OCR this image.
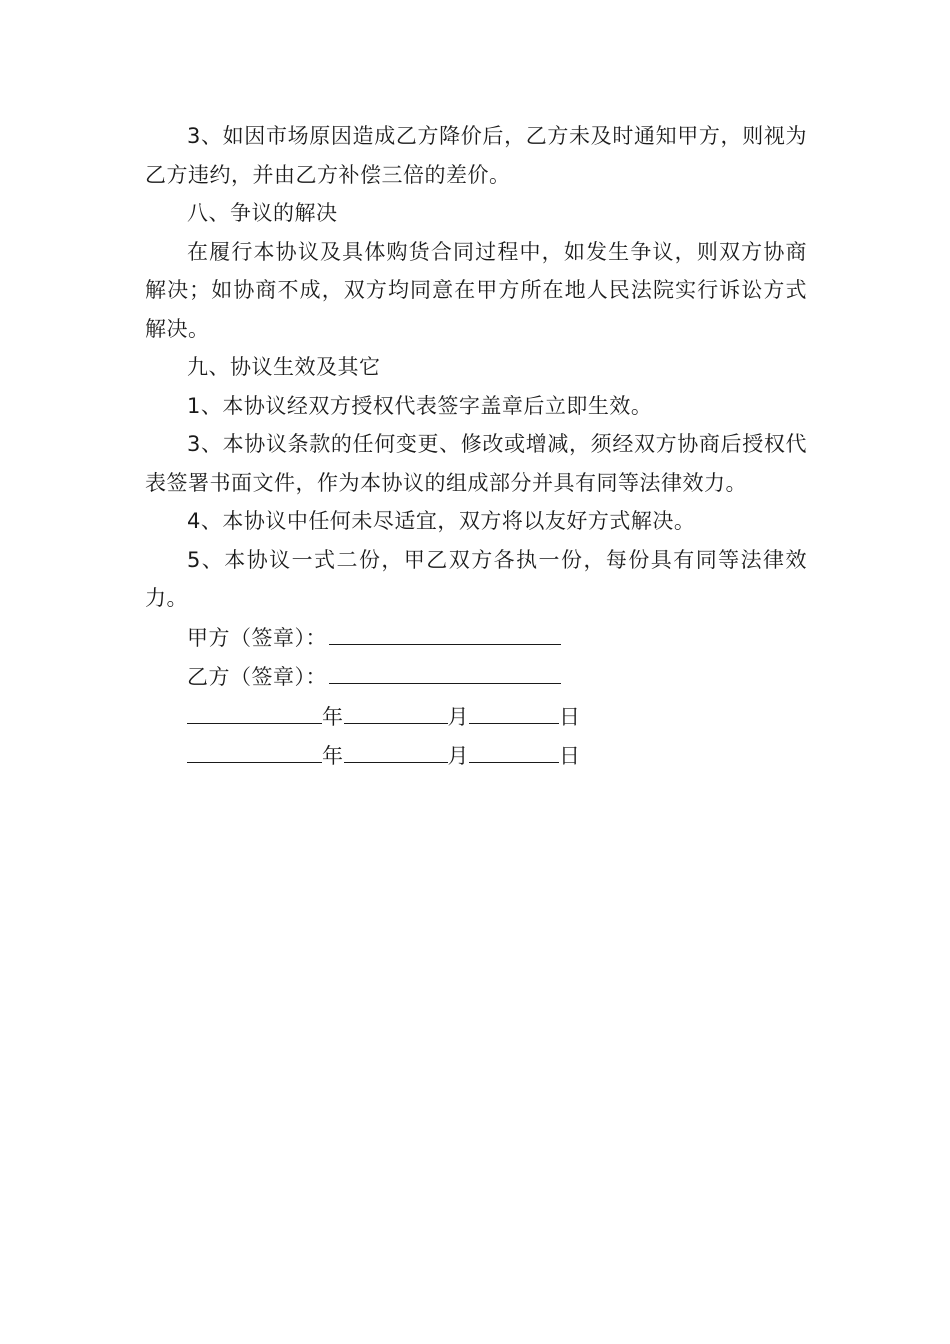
3、如因市场原因造成乙方降价后，乙方未及时通知甲方，则视为乙方违约，并由乙方补偿三倍的差价。

八、争议的解决

在履行本协议及具体购货合同过程中，如发生争议，则双方协商解决；如协商不成，双方均同意在甲方所在地人民法院实行诉讼方式解决。

九、协议生效及其它

1、本协议经双方授权代表签字盖章后立即生效。

3、本协议条款的任何变更、修改或增减，须经双方协商后授权代表签署书面文件，作为本协议的组成部分并具有同等法律效力。

4、本协议中任何未尽适宜，双方将以友好方式解决。

5、本协议一式二份，甲乙双方各执一份，每份具有同等法律效力。

甲方（签章）：

乙方（签章）：

年	月	日

年	月	日
